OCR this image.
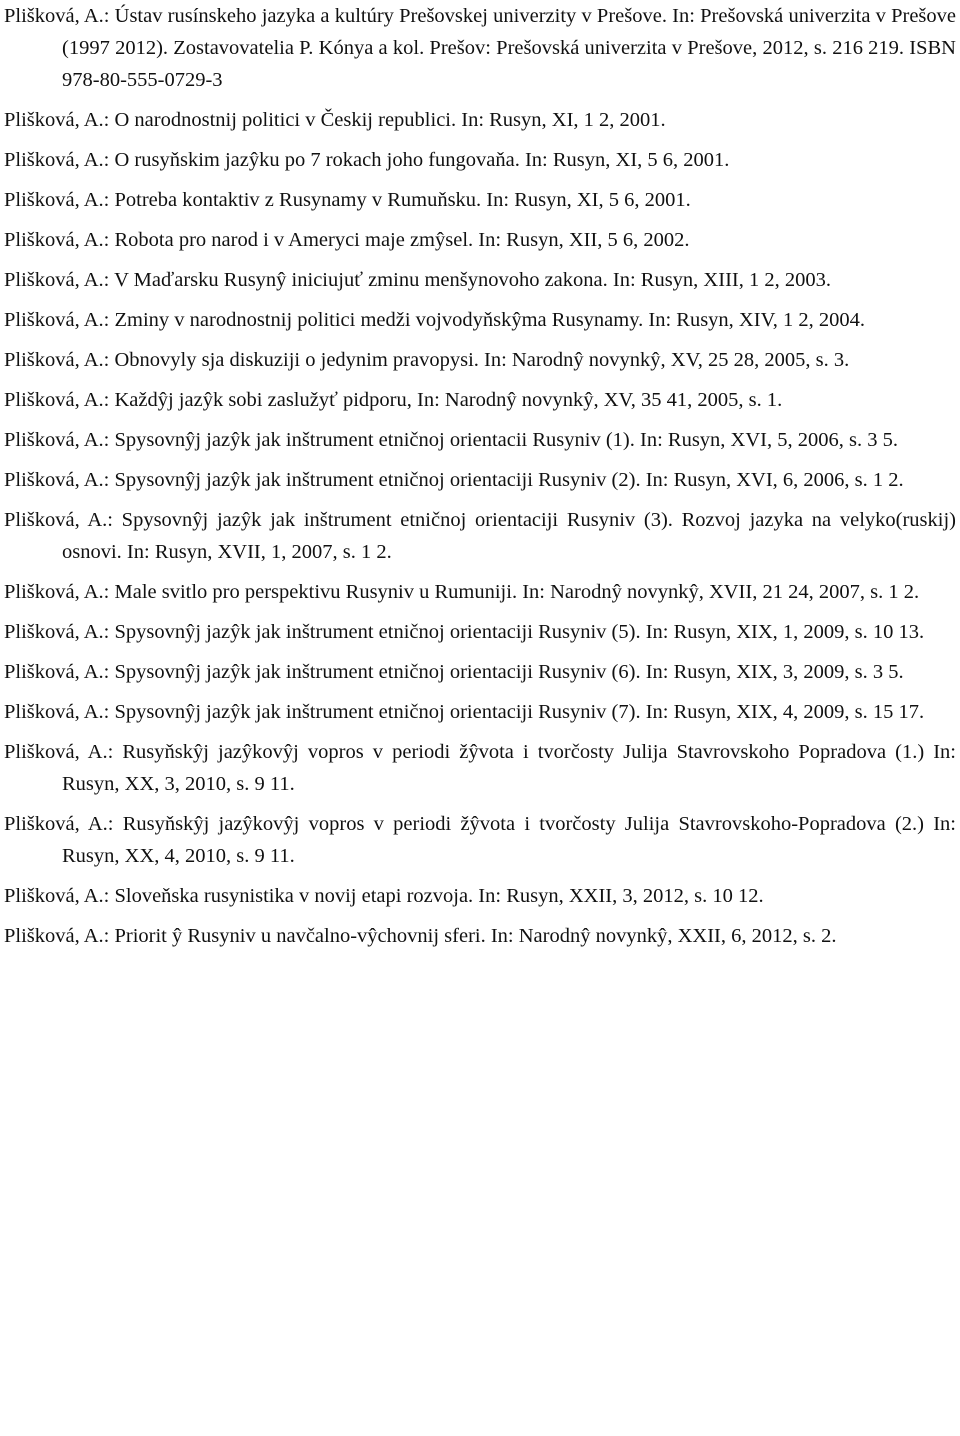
Plišková, A.: Ústav rusínskeho jazyka a kultúry Prešovskej univerzity v Prešove. In: Prešovská univerzita v Prešove (1997 2012). Zostavovatelia P. Kónya a kol. Prešov: Prešovská univerzita v Prešove, 2012, s. 216 219. ISBN 978-80-555-0729-3

Plišková, A.: O narodnostnij politici v Českij republici. In: Rusyn, XI, 1 2, 2001.

Plišková, A.: O rusyňskim jazŷku po 7 rokach joho fungovaňa. In: Rusyn, XI, 5 6, 2001.

Plišková, A.: Potreba kontaktiv z Rusynamy v Rumuňsku. In: Rusyn, XI, 5 6, 2001.

Plišková, A.: Robota pro narod i v Ameryci maje zmŷsel. In: Rusyn, XII, 5 6, 2002.

Plišková, A.: V Maďarsku Rusynŷ iniciujuť zminu menšynovoho zakona. In: Rusyn, XIII, 1 2, 2003.

Plišková, A.: Zminy v narodnostnij politici medži vojvodyňskŷma Rusynamy. In: Rusyn, XIV, 1 2, 2004.

Plišková, A.: Obnovyly sja diskuziji o jedynim pravopysi. In: Narodnŷ novynkŷ, XV, 25 28, 2005, s. 3.

Plišková, A.: Každŷj jazŷk sobi zaslužyť pidporu, In: Narodnŷ novynkŷ, XV, 35 41, 2005, s. 1.

Plišková, A.: Spysovnŷj jazŷk jak inštrument etničnoj orientacii Rusyniv (1). In: Rusyn, XVI, 5, 2006, s. 3 5.

Plišková, A.: Spysovnŷj jazŷk jak inštrument etničnoj orientaciji Rusyniv (2). In: Rusyn, XVI, 6, 2006, s. 1 2.

Plišková, A.: Spysovnŷj jazŷk jak inštrument etničnoj orientaciji Rusyniv (3). Rozvoj jazyka na velyko(ruskij) osnovi. In: Rusyn, XVII, 1, 2007, s. 1 2.

Plišková, A.: Male svitlo pro perspektivu Rusyniv u Rumuniji. In: Narodnŷ novynkŷ, XVII, 21 24, 2007, s. 1 2.

Plišková, A.: Spysovnŷj jazŷk jak inštrument etničnoj orientaciji Rusyniv (5). In: Rusyn, XIX, 1, 2009, s. 10 13.

Plišková, A.: Spysovnŷj jazŷk jak inštrument etničnoj orientaciji Rusyniv (6). In: Rusyn, XIX, 3, 2009, s. 3 5.

Plišková, A.: Spysovnŷj jazŷk jak inštrument etničnoj orientaciji Rusyniv (7). In: Rusyn, XIX, 4, 2009, s. 15 17.

Plišková, A.: Rusyňskŷj jazŷkovŷj vopros v periodi žŷvota i tvorčosty Julija Stavrovskoho Popradova (1.) In: Rusyn, XX, 3, 2010, s. 9 11.

Plišková, A.: Rusyňskŷj jazŷkovŷj vopros v periodi žŷvota i tvorčosty Julija Stavrovskoho-Popradova (2.) In: Rusyn, XX, 4, 2010, s. 9 11.

Plišková, A.: Sloveňska rusynistika v novij etapi rozvoja. In: Rusyn, XXII, 3, 2012, s. 10 12.

Plišková, A.: Priorit ŷ Rusyniv u navčalno-vŷchovnij sferi. In: Narodnŷ novynkŷ, XXII, 6, 2012, s. 2.
